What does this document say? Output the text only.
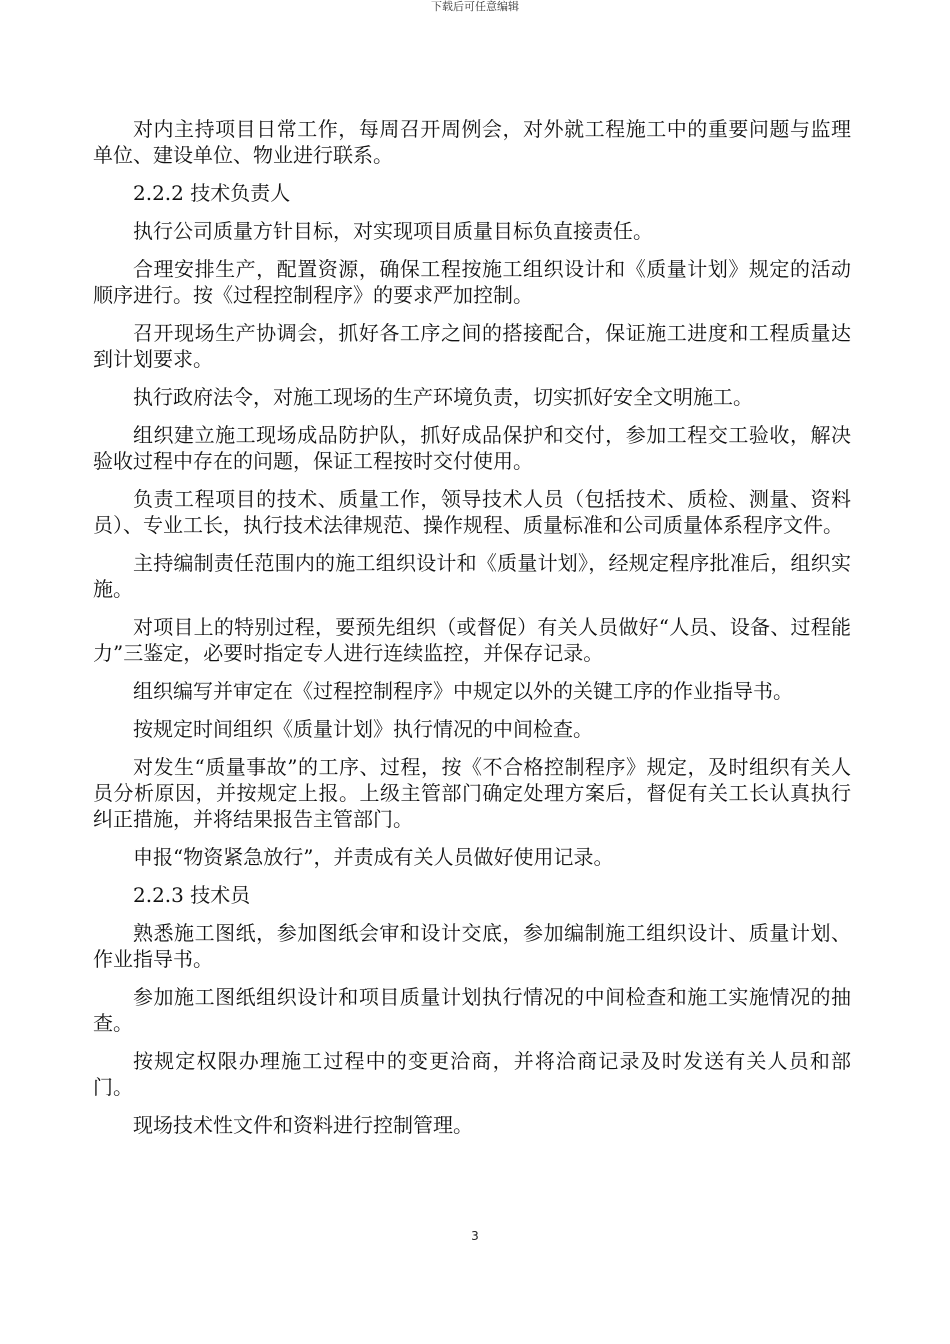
下载后可任意编辑

对内主持项目日常工作，每周召开周例会，对外就工程施工中的重要问题与监理单位、建设单位、物业进行联系。

2.2.2 技术负责人

执行公司质量方针目标，对实现项目质量目标负直接责任。

合理安排生产，配置资源，确保工程按施工组织设计和《质量计划》规定的活动顺序进行。按《过程控制程序》的要求严加控制。

召开现场生产协调会，抓好各工序之间的搭接配合，保证施工进度和工程质量达到计划要求。

执行政府法令，对施工现场的生产环境负责，切实抓好安全文明施工。

组织建立施工现场成品防护队，抓好成品保护和交付，参加工程交工验收，解决验收过程中存在的问题，保证工程按时交付使用。

负责工程项目的技术、质量工作，领导技术人员（包括技术、质检、测量、资料员）、专业工长，执行技术法律规范、操作规程、质量标准和公司质量体系程序文件。

主持编制责任范围内的施工组织设计和《质量计划》，经规定程序批准后，组织实施。

对项目上的特别过程，要预先组织（或督促）有关人员做好“人员、设备、过程能力”三鉴定，必要时指定专人进行连续监控，并保存记录。

组织编写并审定在《过程控制程序》中规定以外的关键工序的作业指导书。

按规定时间组织《质量计划》执行情况的中间检查。

对发生“质量事故”的工序、过程，按《不合格控制程序》规定，及时组织有关人员分析原因，并按规定上报。上级主管部门确定处理方案后，督促有关工长认真执行纠正措施，并将结果报告主管部门。

申报“物资紧急放行”，并责成有关人员做好使用记录。

2.2.3 技术员

熟悉施工图纸，参加图纸会审和设计交底，参加编制施工组织设计、质量计划、作业指导书。

参加施工图纸组织设计和项目质量计划执行情况的中间检查和施工实施情况的抽查。

按规定权限办理施工过程中的变更洽商，并将洽商记录及时发送有关人员和部门。

现场技术性文件和资料进行控制管理。

3
